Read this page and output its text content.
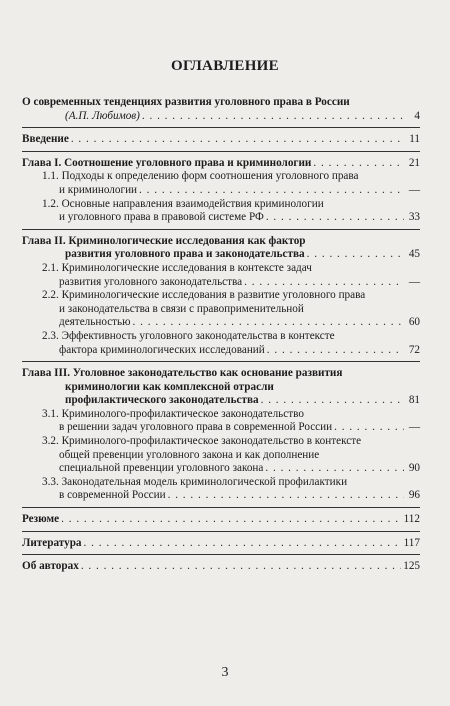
ОГЛАВЛЕНИЕ
О современных тенденциях развития уголовного права в России
(А.П. Любимов) . . .	4
Введение . . .	11
Глава I. Соотношение уголовного права и криминологии . . .	21
1.1. Подходы к определению форм соотношения уголовного права
и криминологии . . .	—
1.2. Основные направления взаимодействия криминологии
и уголовного права в правовой системе РФ . . .	33
Глава II. Криминологические исследования как фактор
развития уголовного права и законодательства . . .	45
2.1. Криминологические исследования в контексте задач
развития уголовного законодательства . . .	—
2.2. Криминологические исследования в развитие уголовного права
и законодательства в связи с правоприменительной
деятельностью . . .	60
2.3. Эффективность уголовного законодательства в контексте
фактора криминологических исследований . . .	72
Глава III. Уголовное законодательство как основание развития
криминологии как комплексной отрасли
профилактического законодательства . . .	81
3.1. Криминолого-профилактическое законодательство
в решении задач уголовного права в современной России . . .	—
3.2. Криминолого-профилактическое законодательство в контексте
общей превенции уголовного закона и как дополнение
специальной превенции уголовного закона . . .	90
3.3. Законодательная модель криминологической профилактики
в современной России . . .	96
Резюме . . .	112
Литература . . .	117
Об авторах . . .	125
3
